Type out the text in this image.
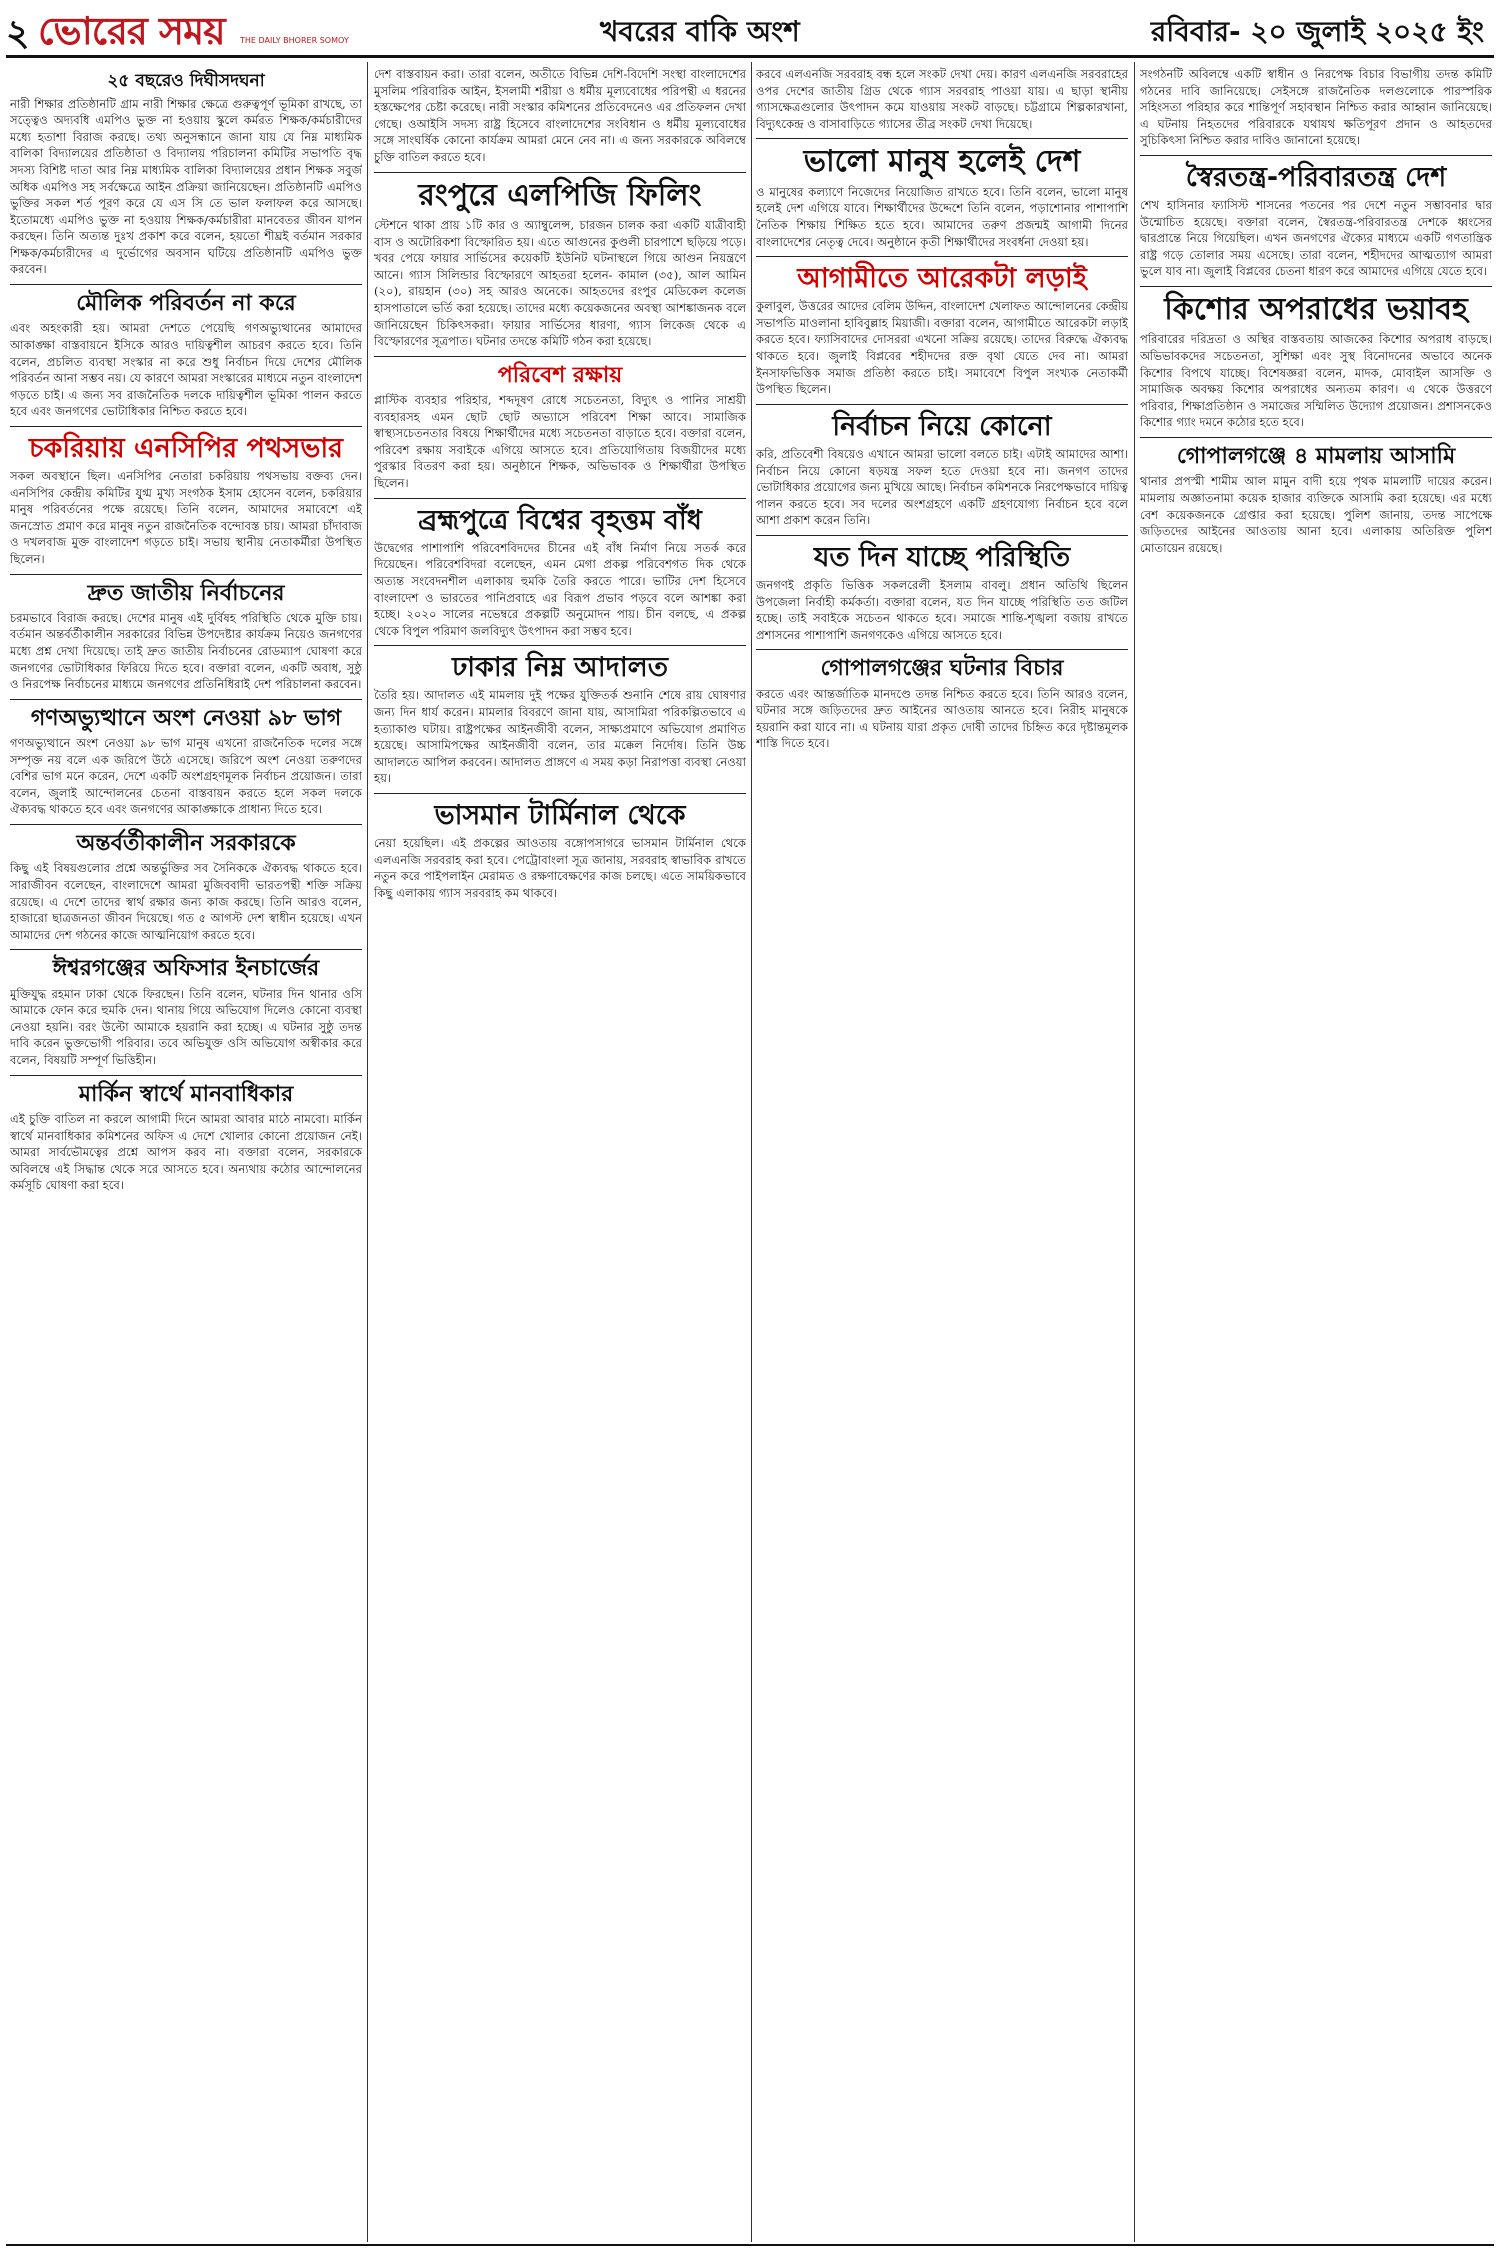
২ ভোরের সময় THE DAILY BHORER SOMOY	খবরের বাকি অংশ	রবিবার- ২০ জুলাই ২০২৫ ইং
২৫ বছরেও দিঘীসদঘনা

নারী শিক্ষার প্রতিষ্ঠানটি গ্রাম নারী শিক্ষার ক্ষেত্রে গুরুত্বপূর্ণ ভূমিকা রাখছে, তা সত্ত্বেও অদ্যবধি এমপিও ভুক্ত না হওয়ায় স্কুলে কর্মরত শিক্ষক/কর্মচারীদের মধ্যে হতাশা বিরাজ করছে। তথ্য অনুসন্ধানে জানা যায় যে নিম্ন মাধ্যমিক বালিকা বিদ্যালয়ের প্রতিষ্ঠাতা ও বিদ্যালয় পরিচালনা কমিটির সভাপতি বৃদ্ধ সদস্য বিশিষ্ট দাতা আর নিম্ন মাধ্যমিক বালিকা বিদ্যালয়ের প্রধান শিক্ষক সবুর্জ অধিক এমপিও সহ সর্বক্ষেত্রে আইন প্রক্রিয়া জানিয়েছেন। প্রতিষ্ঠানটি এমপিও ভুক্তির সকল শর্ত পূরণ করে যে এস সি তে ভাল ফলাফল করে আসছে। ইতোমধ্যে এমপিও ভুক্ত না হওয়ায় শিক্ষক/কর্মচারীরা মানবেতর জীবন যাপন করছেন। তিনি অত্যন্ত দুঃখ প্রকাশ করে বলেন, হয়তো শীঘ্রই বর্তমান সরকার শিক্ষক/কর্মচারীদের এ দুর্ভোগের অবসান ঘটিয়ে প্রতিষ্ঠানটি এমপিও ভুক্ত করবেন।

মৌলিক পরিবর্তন না করে

এবং অহংকারী হয়। আমরা দেশতে পেয়েছি গণঅভ্যুত্থানের আমাদের আকাঙ্ক্ষা বাস্তবায়নে ইসিকে আরও দায়িত্বশীল আচরণ করতে হবে। তিনি বলেন, প্রচলিত ব্যবস্থা সংস্কার না করে শুধু নির্বাচন দিয়ে দেশের মৌলিক পরিবর্তন আনা সম্ভব নয়। যে কারণে আমরা সংস্কারের মাধ্যমে নতুন বাংলাদেশ গড়তে চাই। এ জন্য সব রাজনৈতিক দলকে দায়িত্বশীল ভূমিকা পালন করতে হবে এবং জনগণের ভোটাধিকার নিশ্চিত করতে হবে।

চকরিয়ায় এনসিপির পথসভার

সকল অবস্থানে ছিল। এনসিপির নেতারা চকরিয়ায় পথসভায় বক্তব্য দেন। এনসিপির কেন্দ্রীয় কমিটির যুগ্ম মুখ্য সংগঠক ইসাম হোসেন বলেন, চকরিয়ার মানুষ পরিবর্তনের পক্ষে রয়েছে। তিনি বলেন, আমাদের সমাবেশে এই জনস্রোত প্রমাণ করে মানুষ নতুন রাজনৈতিক বন্দোবস্ত চায়। আমরা চাঁদাবাজ ও দখলবাজ মুক্ত বাংলাদেশ গড়তে চাই। সভায় স্থানীয় নেতাকর্মীরা উপস্থিত ছিলেন।

দ্রুত জাতীয় নির্বাচনের

চরমভাবে বিরাজ করছে। দেশের মানুষ এই দুর্বিষহ পরিস্থিতি থেকে মুক্তি চায়। বর্তমান অন্তর্বর্তীকালীন সরকারের বিভিন্ন উপদেষ্টার কার্যক্রম নিয়েও জনগণের মধ্যে প্রশ্ন দেখা দিয়েছে। তাই দ্রুত জাতীয় নির্বাচনের রোডম্যাপ ঘোষণা করে জনগণের ভোটাধিকার ফিরিয়ে দিতে হবে। বক্তারা বলেন, একটি অবাধ, সুষ্ঠু ও নিরপেক্ষ নির্বাচনের মাধ্যমে জনগণের প্রতিনিধিরাই দেশ পরিচালনা করবেন।

গণঅভ্যুত্থানে অংশ নেওয়া ৯৮ ভাগ

গণঅভ্যুত্থানে অংশ নেওয়া ৯৮ ভাগ মানুষ এখনো রাজনৈতিক দলের সঙ্গে সম্পৃক্ত নয় বলে এক জরিপে উঠে এসেছে। জরিপে অংশ নেওয়া তরুণদের বেশির ভাগ মনে করেন, দেশে একটি অংশগ্রহণমূলক নির্বাচন প্রয়োজন। তারা বলেন, জুলাই আন্দোলনের চেতনা বাস্তবায়ন করতে হলে সকল দলকে ঐক্যবদ্ধ থাকতে হবে এবং জনগণের আকাঙ্ক্ষাকে প্রাধান্য দিতে হবে।

অন্তর্বর্তীকালীন সরকারকে

কিছু এই বিষয়গুলোর প্রশ্নে অন্তর্ভুক্তির সব সৈনিককে ঐক্যবদ্ধ থাকতে হবে। সারাজীবন বলেছেন, বাংলাদেশে আমরা মুজিববাদী ভারতপন্থী শক্তি সক্রিয় রয়েছে। এ দেশে তাদের স্বার্থ রক্ষার জন্য কাজ করছে। তিনি আরও বলেন, হাজারো ছাত্রজনতা জীবন দিয়েছে। গত ৫ আগস্ট দেশ স্বাধীন হয়েছে। এখন আমাদের দেশ গঠনের কাজে আত্মনিয়োগ করতে হবে।

ঈশ্বরগঞ্জের অফিসার ইনচার্জের

মুক্তিযুদ্ধ রহমান ঢাকা থেকে ফিরছেন। তিনি বলেন, ঘটনার দিন থানার ওসি আমাকে ফোন করে হুমকি দেন। থানায় গিয়ে অভিযোগ দিলেও কোনো ব্যবস্থা নেওয়া হয়নি। বরং উল্টো আমাকে হয়রানি করা হচ্ছে। এ ঘটনার সুষ্ঠু তদন্ত দাবি করেন ভুক্তভোগী পরিবার। তবে অভিযুক্ত ওসি অভিযোগ অস্বীকার করে বলেন, বিষয়টি সম্পূর্ণ ভিত্তিহীন।

মার্কিন স্বার্থে মানবাধিকার

এই চুক্তি বাতিল না করলে আগামী দিনে আমরা আবার মাঠে নামবো। মার্কিন স্বার্থে মানবাধিকার কমিশনের অফিস এ দেশে খোলার কোনো প্রয়োজন নেই। আমরা সার্বভৌমত্বের প্রশ্নে আপস করব না। বক্তারা বলেন, সরকারকে অবিলম্বে এই সিদ্ধান্ত থেকে সরে আসতে হবে। অন্যথায় কঠোর আন্দোলনের কর্মসূচি ঘোষণা করা হবে।

দেশ বাস্তবায়ন করা। তারা বলেন, অতীতে বিভিন্ন দেশি-বিদেশি সংস্থা বাংলাদেশের মুসলিম পরিবারিক আইন, ইসলামী শরীয়া ও ধর্মীয় মূল্যবোধের পরিপন্থী এ ধরনের হস্তক্ষেপের চেষ্টা করেছে। নারী সংস্কার কমিশনের প্রতিবেদনেও এর প্রতিফলন দেখা গেছে। ওআইসি সদস্য রাষ্ট্র হিসেবে বাংলাদেশের সংবিধান ও ধর্মীয় মূল্যবোধের সঙ্গে সাংঘর্ষিক কোনো কার্যক্রম আমরা মেনে নেব না। এ জন্য সরকারকে অবিলম্বে চুক্তি বাতিল করতে হবে।

রংপুরে এলপিজি ফিলিং

স্টেশনে থাকা প্রায় ১টি কার ও অ্যাম্বুলেন্স, চারজন চালক করা একটি যাত্রীবাহী বাস ও অটোরিকশা বিস্ফোরিত হয়। এতে আগুনের কুণ্ডলী চারপাশে ছড়িয়ে পড়ে। খবর পেয়ে ফায়ার সার্ভিসের কয়েকটি ইউনিট ঘটনাস্থলে গিয়ে আগুন নিয়ন্ত্রণে আনে। গ্যাস সিলিন্ডার বিস্ফোরণে আহতরা হলেন- কামাল (৩৫), আল আমিন (২০), রায়হান (৩০) সহ আরও অনেকে। আহতদের রংপুর মেডিকেল কলেজ হাসপাতালে ভর্তি করা হয়েছে। তাদের মধ্যে কয়েকজনের অবস্থা আশঙ্কাজনক বলে জানিয়েছেন চিকিৎসকরা। ফায়ার সার্ভিসের ধারণা, গ্যাস লিকেজ থেকে এ বিস্ফোরণের সূত্রপাত। ঘটনার তদন্তে কমিটি গঠন করা হয়েছে।

পরিবেশ রক্ষায়

প্লাস্টিক ব্যবহার পরিহার, শব্দদূষণ রোধে সচেতনতা, বিদ্যুৎ ও পানির সাশ্রয়ী ব্যবহারসহ এমন ছোট ছোট অভ্যাসে পরিবেশ শিক্ষা আবে। সামাজিক স্বাস্থ্যসচেতনতার বিষয়ে শিক্ষার্থীদের মধ্যে সচেতনতা বাড়াতে হবে। বক্তারা বলেন, পরিবেশ রক্ষায় সবাইকে এগিয়ে আসতে হবে। প্রতিযোগিতায় বিজয়ীদের মধ্যে পুরস্কার বিতরণ করা হয়। অনুষ্ঠানে শিক্ষক, অভিভাবক ও শিক্ষার্থীরা উপস্থিত ছিলেন।

ব্রহ্মপুত্রে বিশ্বের বৃহত্তম বাঁধ

উদ্বেগের পাশাপাশি পরিবেশবিদদের চীনের এই বাঁধ নির্মাণ নিয়ে সতর্ক করে দিয়েছেন। পরিবেশবিদরা বলেছেন, এমন মেগা প্রকল্প পরিবেশগত দিক থেকে অত্যন্ত সংবেদনশীল এলাকায় হুমকি তৈরি করতে পারে। ভাটির দেশ হিসেবে বাংলাদেশ ও ভারতের পানিপ্রবাহে এর বিরূপ প্রভাব পড়বে বলে আশঙ্কা করা হচ্ছে। ২০২০ সালের নভেম্বরে প্রকল্পটি অনুমোদন পায়। চীন বলছে, এ প্রকল্প থেকে বিপুল পরিমাণ জলবিদ্যুৎ উৎপাদন করা সম্ভব হবে।

ঢাকার নিম্ন আদালত

তৈরি হয়। আদালত এই মামলায় দুই পক্ষের যুক্তিতর্ক শুনানি শেষে রায় ঘোষণার জন্য দিন ধার্য করেন। মামলার বিবরণে জানা যায়, আসামিরা পরিকল্পিতভাবে এ হত্যাকাণ্ড ঘটায়। রাষ্ট্রপক্ষের আইনজীবী বলেন, সাক্ষ্যপ্রমাণে অভিযোগ প্রমাণিত হয়েছে। আসামিপক্ষের আইনজীবী বলেন, তার মক্কেল নির্দোষ। তিনি উচ্চ আদালতে আপিল করবেন। আদালত প্রাঙ্গণে এ সময় কড়া নিরাপত্তা ব্যবস্থা নেওয়া হয়।

ভাসমান টার্মিনাল থেকে

নেয়া হয়েছিল। এই প্রকল্পের আওতায় বঙ্গোপসাগরে ভাসমান টার্মিনাল থেকে এলএনজি সরবরাহ করা হবে। পেট্রোবাংলা সূত্র জানায়, সরবরাহ স্বাভাবিক রাখতে নতুন করে পাইপলাইন মেরামত ও রক্ষণাবেক্ষণের কাজ চলছে। এতে সাময়িকভাবে কিছু এলাকায় গ্যাস সরবরাহ কম থাকবে।

করবে এলএনজি সরবরাহ বন্ধ হলে সংকট দেখা দেয়। কারণ এলএনজি সরবরাহের ওপর দেশের জাতীয় গ্রিড থেকে গ্যাস সরবরাহ পাওয়া যায়। এ ছাড়া স্থানীয় গ্যাসক্ষেত্রগুলোর উৎপাদন কমে যাওয়ায় সংকট বাড়ছে। চট্টগ্রামে শিল্পকারখানা, বিদ্যুৎকেন্দ্র ও বাসাবাড়িতে গ্যাসের তীব্র সংকট দেখা দিয়েছে।

ভালো মানুষ হলেই দেশ

ও মানুষের কল্যাণে নিজেদের নিয়োজিত রাখতে হবে। তিনি বলেন, ভালো মানুষ হলেই দেশ এগিয়ে যাবে। শিক্ষার্থীদের উদ্দেশে তিনি বলেন, পড়াশোনার পাশাপাশি নৈতিক শিক্ষায় শিক্ষিত হতে হবে। আমাদের তরুণ প্রজন্মই আগামী দিনের বাংলাদেশের নেতৃত্ব দেবে। অনুষ্ঠানে কৃতী শিক্ষার্থীদের সংবর্ধনা দেওয়া হয়।

আগামীতে আরেকটা লড়াই

কুলাবুল, উত্তরের আদের বেলিম উদ্দিন, বাংলাদেশ খেলাফত আন্দোলনের কেন্দ্রীয় সভাপতি মাওলানা হাবিবুল্লাহ মিয়াজী। বক্তারা বলেন, আগামীতে আরেকটা লড়াই করতে হবে। ফ্যাসিবাদের দোসররা এখনো সক্রিয় রয়েছে। তাদের বিরুদ্ধে ঐক্যবদ্ধ থাকতে হবে। জুলাই বিপ্লবের শহীদদের রক্ত বৃথা যেতে দেব না। আমরা ইনসাফভিত্তিক সমাজ প্রতিষ্ঠা করতে চাই। সমাবেশে বিপুল সংখ্যক নেতাকর্মী উপস্থিত ছিলেন।

নির্বাচন নিয়ে কোনো

করি, প্রতিবেশী বিষয়েও এখানে আমরা ভালো বলতে চাই। এটাই আমাদের আশা। নির্বাচন নিয়ে কোনো ষড়যন্ত্র সফল হতে দেওয়া হবে না। জনগণ তাদের ভোটাধিকার প্রয়োগের জন্য মুখিয়ে আছে। নির্বাচন কমিশনকে নিরপেক্ষভাবে দায়িত্ব পালন করতে হবে। সব দলের অংশগ্রহণে একটি গ্রহণযোগ্য নির্বাচন হবে বলে আশা প্রকাশ করেন তিনি।

যত দিন যাচ্ছে পরিস্থিতি

জনগণই প্রকৃতি ভিত্তিক সকলরেলী ইসলাম বাবলু। প্রধান অতিথি ছিলেন উপজেলা নির্বাহী কর্মকর্তা। বক্তারা বলেন, যত দিন যাচ্ছে পরিস্থিতি তত জটিল হচ্ছে। তাই সবাইকে সচেতন থাকতে হবে। সমাজে শান্তি-শৃঙ্খলা বজায় রাখতে প্রশাসনের পাশাপাশি জনগণকেও এগিয়ে আসতে হবে।

গোপালগঞ্জের ঘটনার বিচার

করতে এবং আন্তর্জাতিক মানদণ্ডে তদন্ত নিশ্চিত করতে হবে। তিনি আরও বলেন, ঘটনার সঙ্গে জড়িতদের দ্রুত আইনের আওতায় আনতে হবে। নিরীহ মানুষকে হয়রানি করা যাবে না। এ ঘটনায় যারা প্রকৃত দোষী তাদের চিহ্নিত করে দৃষ্টান্তমূলক শাস্তি দিতে হবে।

সংগঠনটি অবিলম্বে একটি স্বাধীন ও নিরপেক্ষ বিচার বিভাগীয় তদন্ত কমিটি গঠনের দাবি জানিয়েছে। সেইসঙ্গে রাজনৈতিক দলগুলোকে পারস্পরিক সহিংসতা পরিহার করে শান্তিপূর্ণ সহাবস্থান নিশ্চিত করার আহ্বান জানিয়েছে। এ ঘটনায় নিহতদের পরিবারকে যথাযথ ক্ষতিপূরণ প্রদান ও আহতদের সুচিকিৎসা নিশ্চিত করার দাবিও জানানো হয়েছে।

স্বৈরতন্ত্র-পরিবারতন্ত্র দেশ

শেখ হাসিনার ফ্যাসিস্ট শাসনের পতনের পর দেশে নতুন সম্ভাবনার দ্বার উন্মোচিত হয়েছে। বক্তারা বলেন, স্বৈরতন্ত্র-পরিবারতন্ত্র দেশকে ধ্বংসের দ্বারপ্রান্তে নিয়ে গিয়েছিল। এখন জনগণের ঐক্যের মাধ্যমে একটি গণতান্ত্রিক রাষ্ট্র গড়ে তোলার সময় এসেছে। তারা বলেন, শহীদদের আত্মত্যাগ আমরা ভুলে যাব না। জুলাই বিপ্লবের চেতনা ধারণ করে আমাদের এগিয়ে যেতে হবে।

কিশোর অপরাধের ভয়াবহ

পরিবারের দরিদ্রতা ও অস্থির বাস্তবতায় আজকের কিশোর অপরাধ বাড়ছে। অভিভাবকদের সচেতনতা, সুশিক্ষা এবং সুস্থ বিনোদনের অভাবে অনেক কিশোর বিপথে যাচ্ছে। বিশেষজ্ঞরা বলেন, মাদক, মোবাইল আসক্তি ও সামাজিক অবক্ষয় কিশোর অপরাধের অন্যতম কারণ। এ থেকে উত্তরণে পরিবার, শিক্ষাপ্রতিষ্ঠান ও সমাজের সম্মিলিত উদ্যোগ প্রয়োজন। প্রশাসনকেও কিশোর গ্যাং দমনে কঠোর হতে হবে।

গোপালগঞ্জে ৪ মামলায় আসামি

থানার প্রপস্মী শামীম আল মামুন বাদী হয়ে পৃথক মামলাটি দায়ের করেন। মামলায় অজ্ঞাতনামা কয়েক হাজার ব্যক্তিকে আসামি করা হয়েছে। এর মধ্যে বেশ কয়েকজনকে গ্রেপ্তার করা হয়েছে। পুলিশ জানায়, তদন্ত সাপেক্ষে জড়িতদের আইনের আওতায় আনা হবে। এলাকায় অতিরিক্ত পুলিশ মোতায়েন রয়েছে।
